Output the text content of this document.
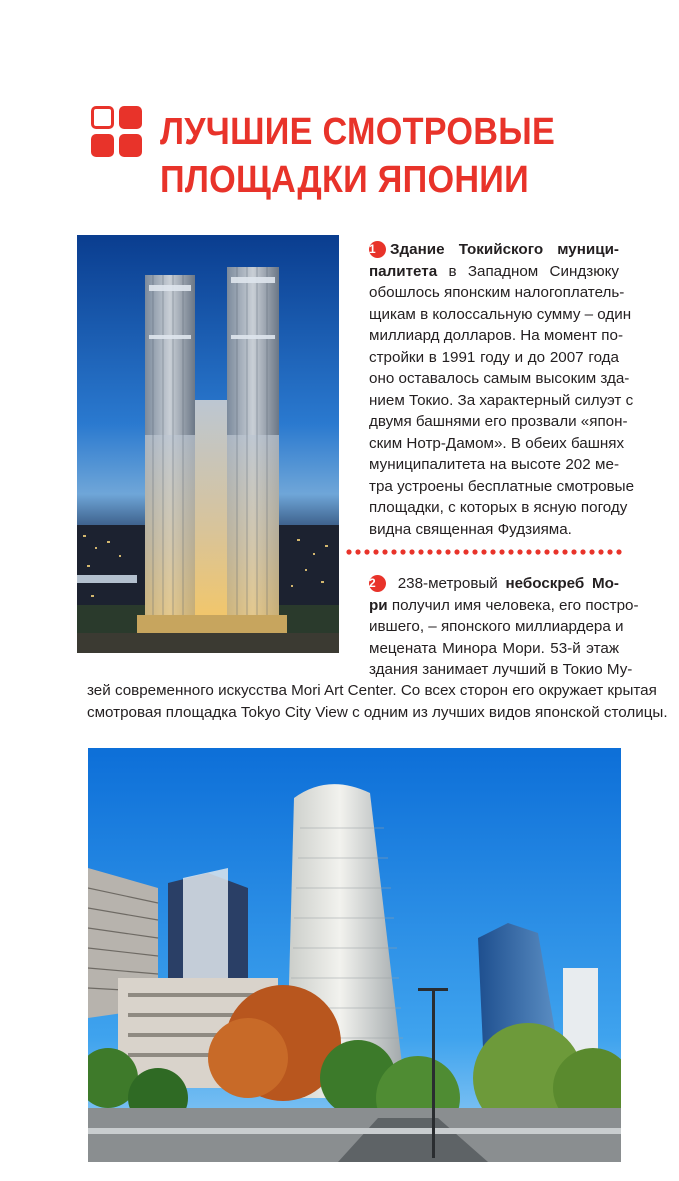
ЛУЧШИЕ СМОТРОВЫЕ
ПЛОЩАДКИ ЯПОНИИ
1 Здание Токийского муници-
палитета в Западном Синдзюку
обошлось японским налогоплатель-
щикам в колоссальную сумму – один
миллиард долларов. На момент по-
стройки в 1991 году и до 2007 года
оно оставалось самым высоким зда-
нием Токио. За характерный силуэт с
двумя башнями его прозвали «япон-
ским Нотр-Дамом». В обеих башнях
муниципалитета на высоте 202 ме-
тра устроены бесплатные смотровые
площадки, с которых в ясную погоду
видна священная Фудзияма.
2 238-метровый небоскреб Мо-
ри получил имя человека, его постро-
ившего, – японского миллиардера и
мецената Минора Мори. 53-й этаж
здания занимает лучший в Токио Му-
зей современного искусства Mori Art Center. Со всех сторон его окружает крытая
смотровая площадка Tokyo City View с одним из лучших видов японской столицы.
